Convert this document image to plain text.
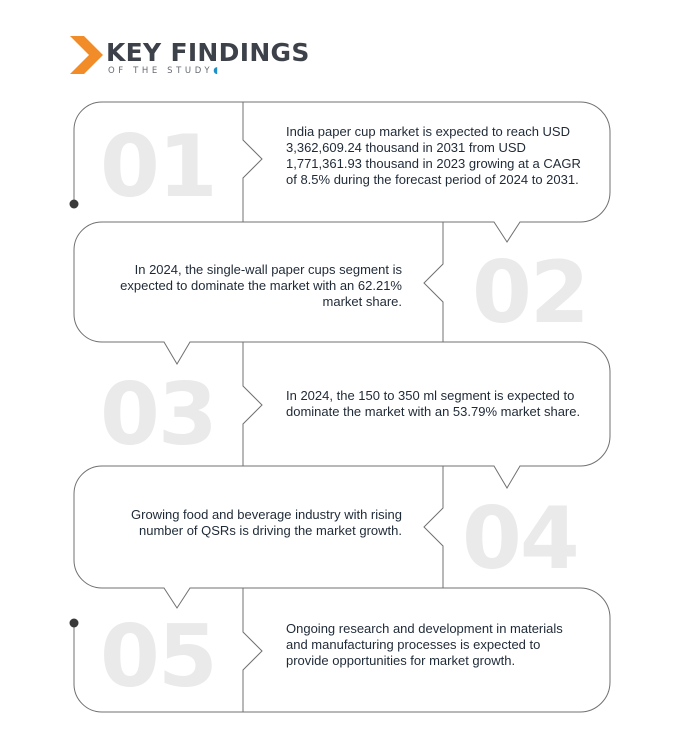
KEY FINDINGS
OF THE STUDY◖
01
02
03
04
05
India paper cup market is expected to reach USD 3,362,609.24 thousand in 2031 from USD 1,771,361.93 thousand in 2023 growing at a CAGR of 8.5% during the forecast period of 2024 to 2031.
In 2024, the single-wall paper cups segment is expected to dominate the market with an 62.21% market share.
In 2024, the 150 to 350 ml segment is expected to dominate the market with an 53.79% market share.
Growing food and beverage industry with rising number of QSRs is driving the market growth.
Ongoing research and development in materials and manufacturing processes is expected to provide opportunities for market growth.
